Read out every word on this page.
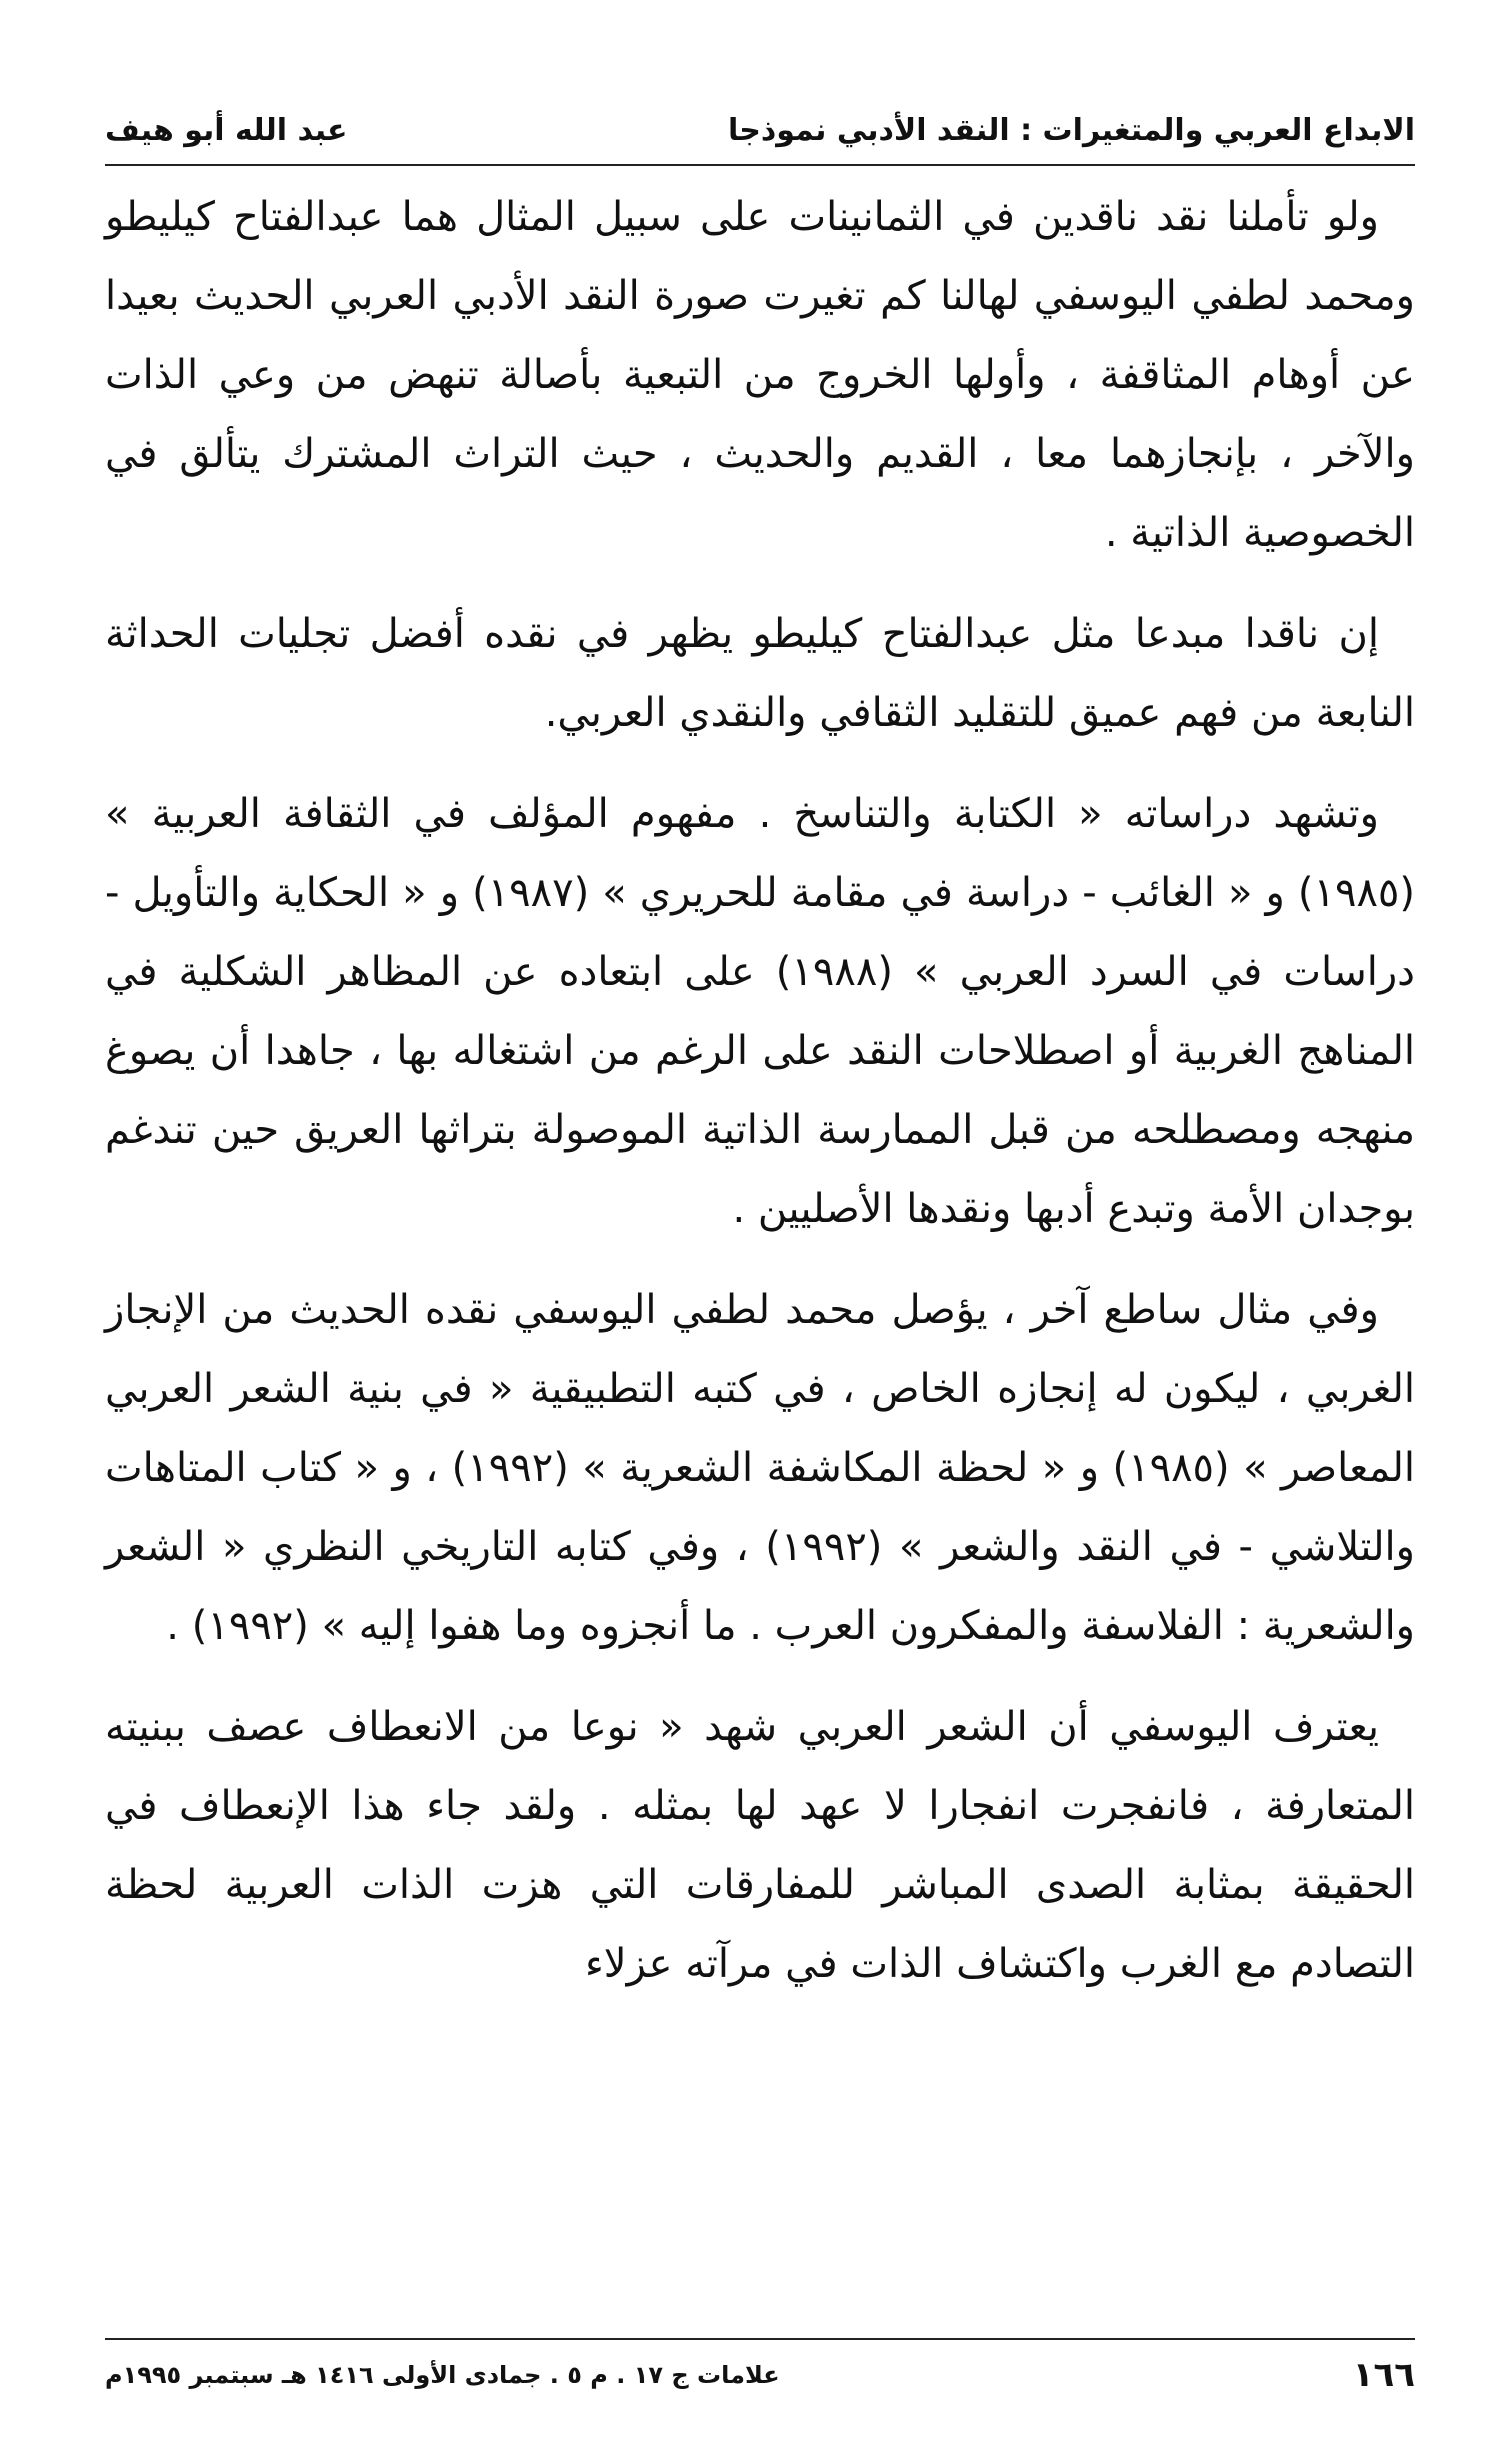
الابداع العربي والمتغيرات : النقد الأدبي نموذجا
عبد الله أبو هيف

ولو تأملنا نقد ناقدين في الثمانينات على سبيل المثال هما عبدالفتاح كيليطو ومحمد لطفي اليوسفي لهالنا كم تغيرت صورة النقد الأدبي العربي الحديث بعيدا عن أوهام المثاقفة ، وأولها الخروج من التبعية بأصالة تنهض من وعي الذات والآخر ، بإنجازهما معا ، القديم والحديث ، حيث التراث المشترك يتألق في الخصوصية الذاتية .

إن ناقدا مبدعا مثل عبدالفتاح كيليطو يظهر في نقده أفضل تجليات الحداثة النابعة من فهم عميق للتقليد الثقافي والنقدي العربي.

وتشهد دراساته « الكتابة والتناسخ . مفهوم المؤلف في الثقافة العربية » (١٩٨٥) و « الغائب - دراسة في مقامة للحريري » (١٩٨٧) و « الحكاية والتأويل - دراسات في السرد العربي » (١٩٨٨) على ابتعاده عن المظاهر الشكلية في المناهج الغربية أو اصطلاحات النقد على الرغم من اشتغاله بها ، جاهدا أن يصوغ منهجه ومصطلحه من قبل الممارسة الذاتية الموصولة بتراثها العريق حين تندغم بوجدان الأمة وتبدع أدبها ونقدها الأصليين .

وفي مثال ساطع آخر ، يؤصل محمد لطفي اليوسفي نقده الحديث من الإنجاز الغربي ، ليكون له إنجازه الخاص ، في كتبه التطبيقية « في بنية الشعر العربي المعاصر » (١٩٨٥) و « لحظة المكاشفة الشعرية » (١٩٩٢) ، و « كتاب المتاهات والتلاشي - في النقد والشعر » (١٩٩٢) ، وفي كتابه التاريخي النظري « الشعر والشعرية : الفلاسفة والمفكرون العرب . ما أنجزوه وما هفوا إليه » (١٩٩٢) .

يعترف اليوسفي أن الشعر العربي شهد « نوعا من الانعطاف عصف ببنيته المتعارفة ، فانفجرت انفجارا لا عهد لها بمثله . ولقد جاء هذا الإنعطاف في الحقيقة بمثابة الصدى المباشر للمفارقات التي هزت الذات العربية لحظة التصادم مع الغرب واكتشاف الذات في مرآته عزلاء

١٦٦
علامات ج ١٧ . م ٥ . جمادى الأولى ١٤١٦ هـ سبتمبر ١٩٩٥م
